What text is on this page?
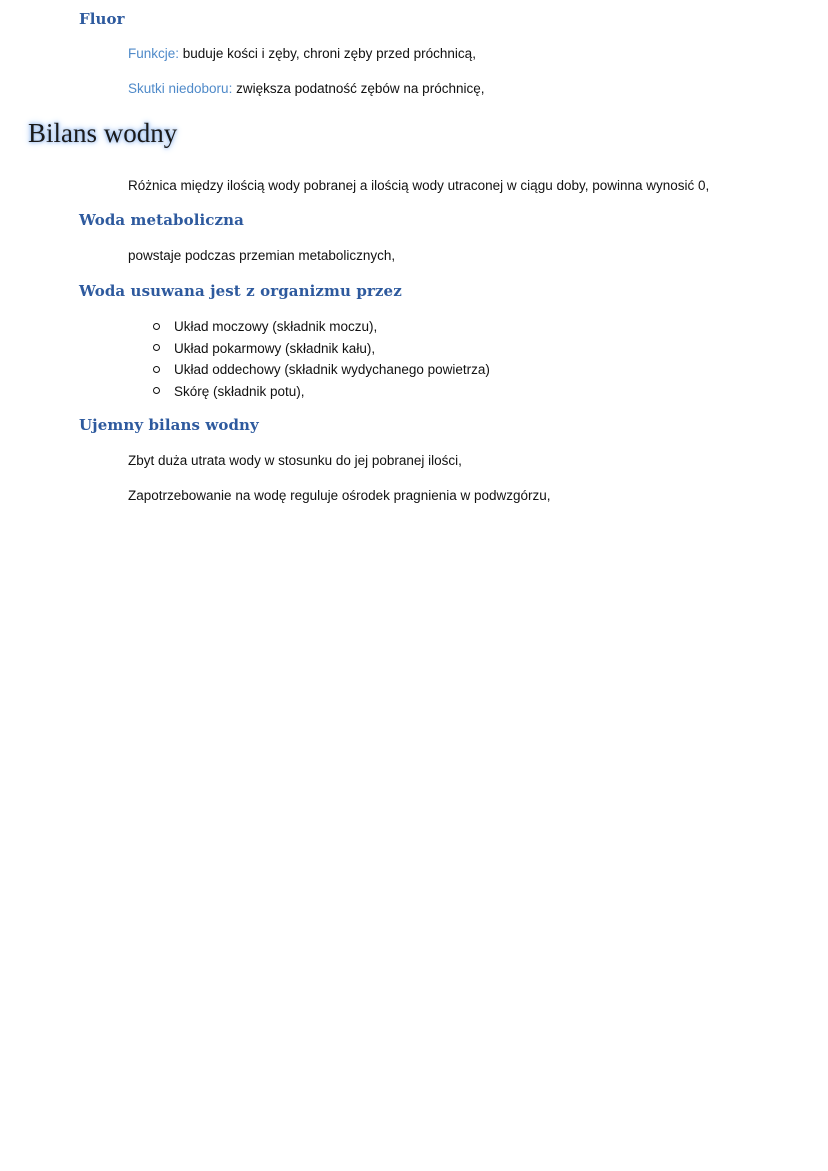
Fluor

Funkcje: buduje kości i zęby, chroni zęby przed próchnicą,

Skutki niedoboru: zwiększa podatność zębów na próchnicę,

Bilans wodny

Różnica między ilością wody pobranej a ilością wody utraconej w ciągu doby, powinna wynosić 0,

Woda metaboliczna

powstaje podczas przemian metabolicznych,

Woda usuwana jest z organizmu przez
Układ moczowy (składnik moczu),
Układ pokarmowy (składnik kału),
Układ oddechowy (składnik wydychanego powietrza)
Skórę (składnik potu),
Ujemny bilans wodny

Zbyt duża utrata wody w stosunku do jej pobranej ilości,

Zapotrzebowanie na wodę reguluje ośrodek pragnienia w podwzgórzu,
